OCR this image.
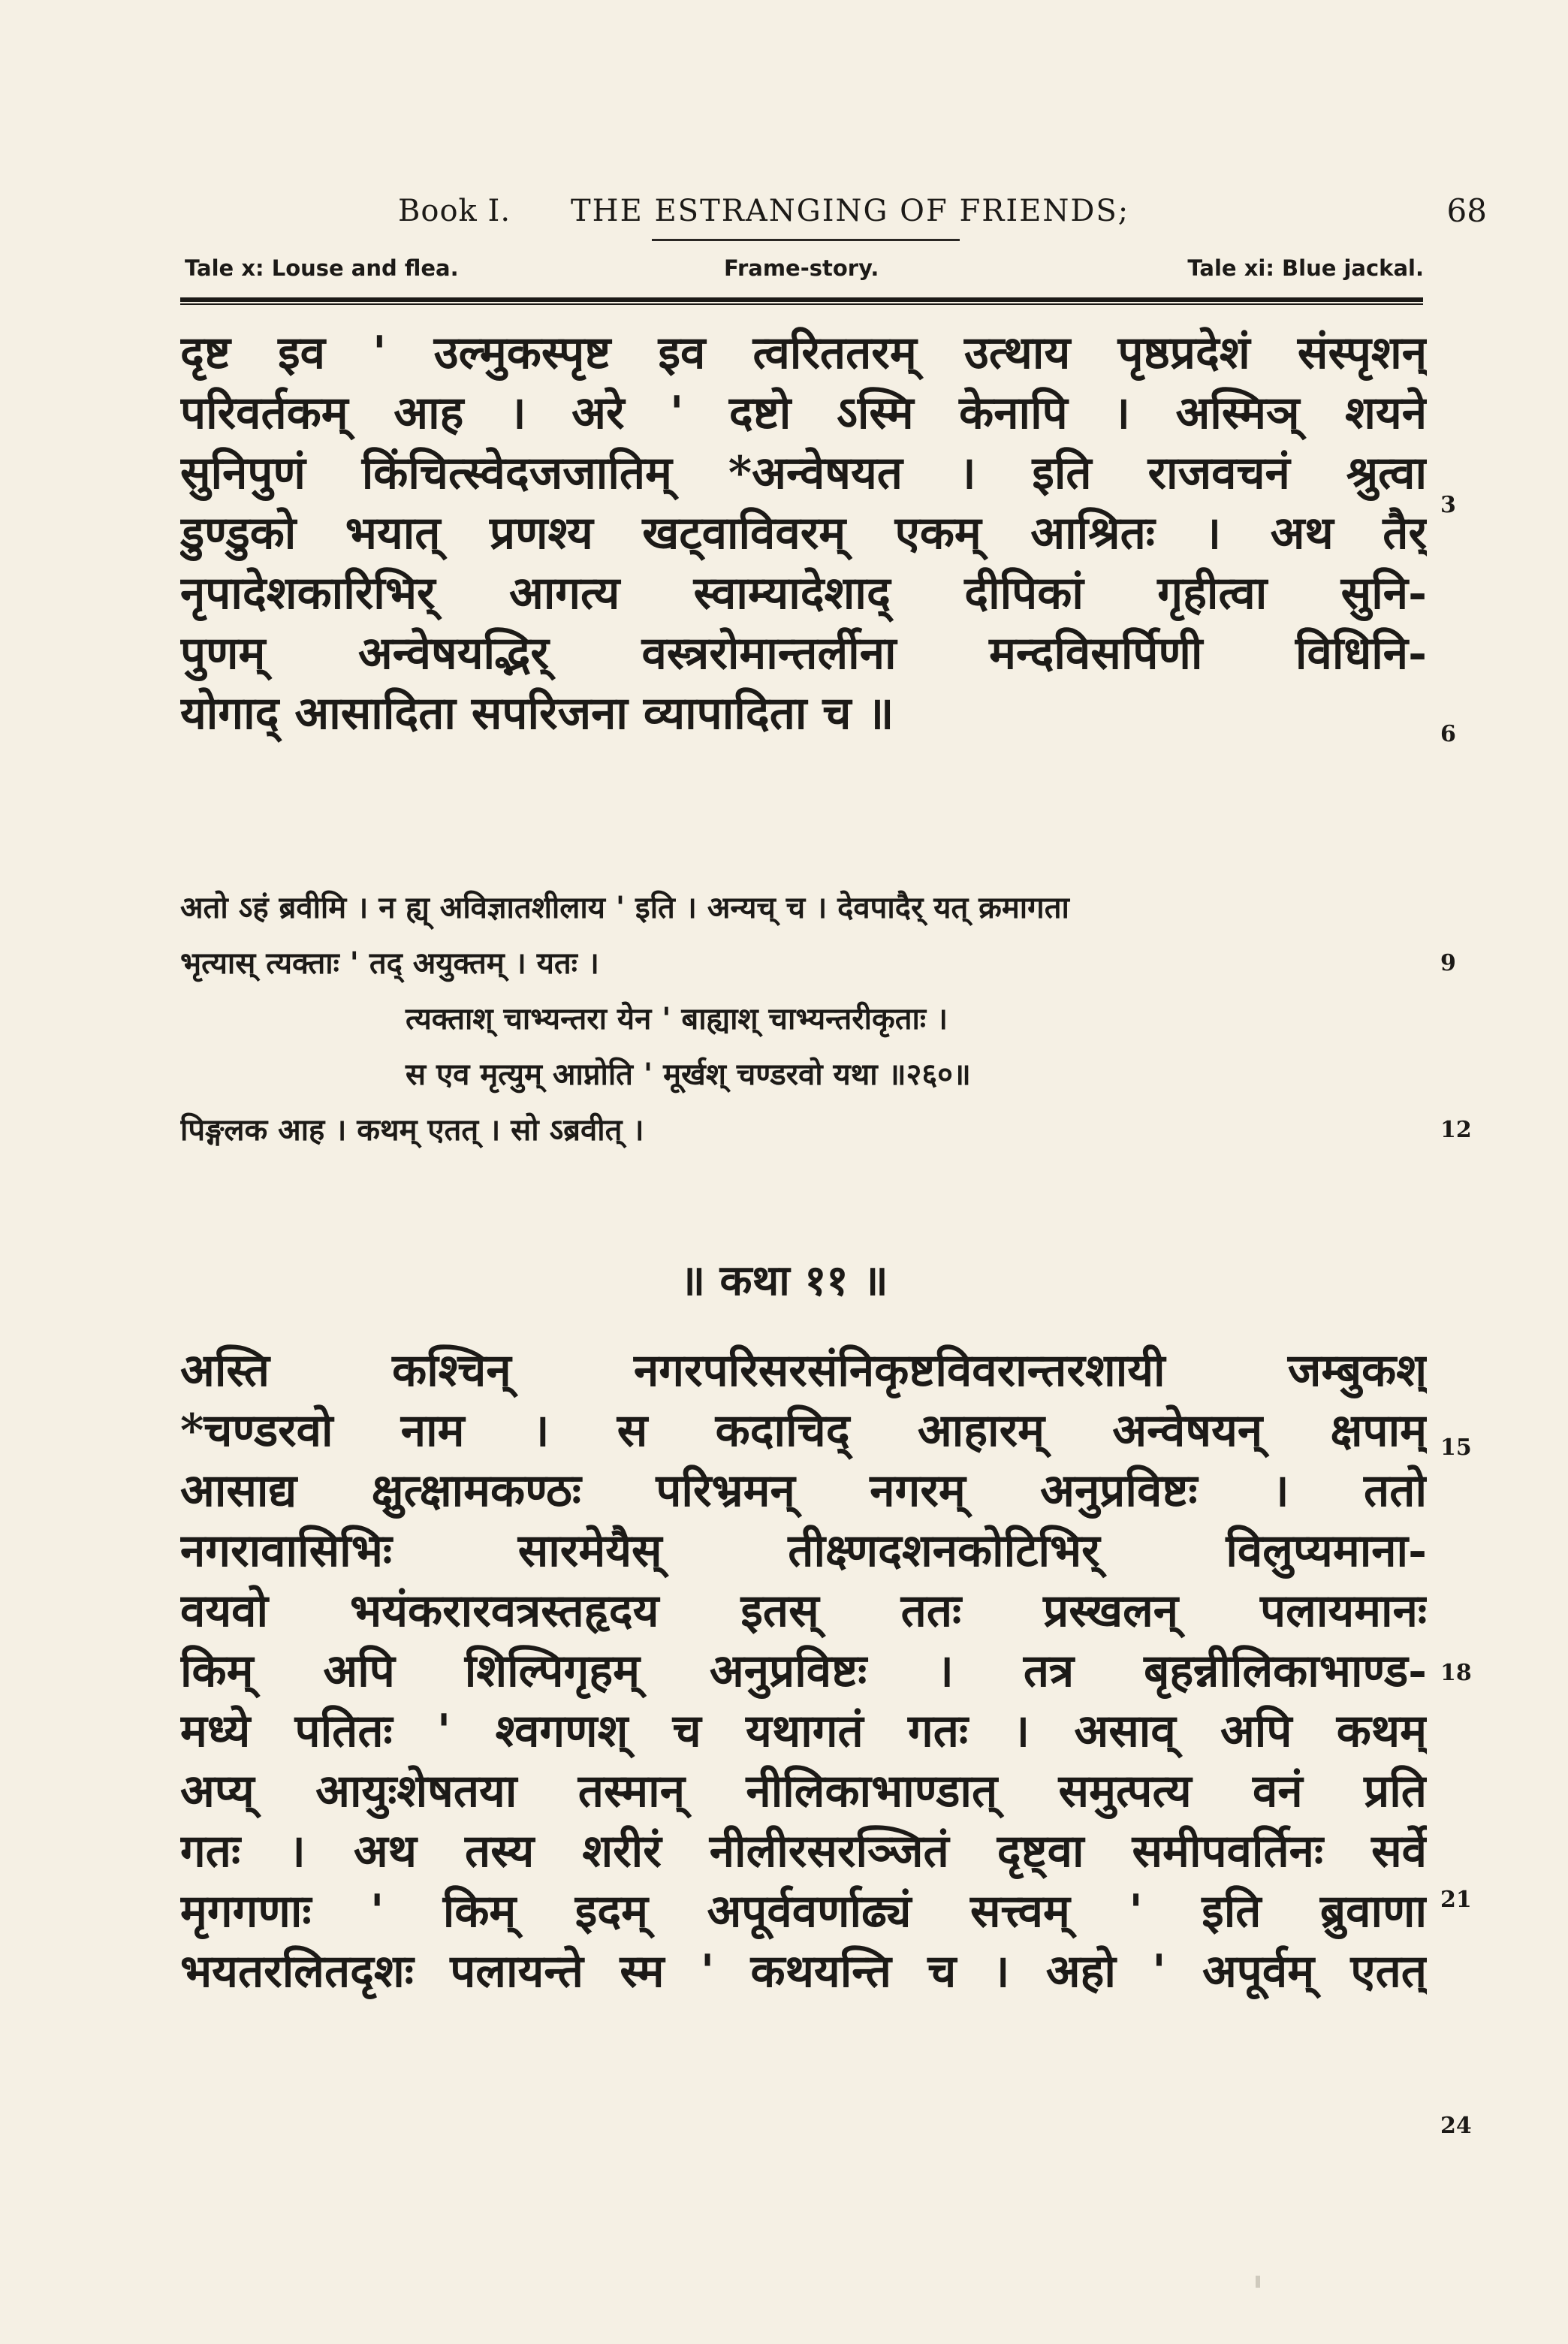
Book I. THE ESTRANGING OF FRIENDS;	68
Tale x: Louse and flea.	Frame-story.	Tale xi: Blue jackal.
दृष्ट इव ' उल्मुकस्पृष्ट इव त्वरिततरम् उत्थाय पृष्ठप्रदेशं संस्पृशन्
परिवर्तकम् आह । अरे ' दष्टो ऽस्मि केनापि । अस्मिञ् शयने
सुनिपुणं किंचित्स्वेदजजातिम् *अन्वेषयत । इति राजवचनं श्रुत्वा
डुण्डुको भयात् प्रणश्य खट्वाविवरम् एकम् आश्रितः । अथ तैर्
नृपादेशकारिभिर् आगत्य स्वाम्यादेशाद् दीपिकां गृहीत्वा सुनि-
पुणम् अन्वेषयद्भिर् वस्त्ररोमान्तर्लीना मन्दविसर्पिणी विधिनि-
योगाद् आसादिता सपरिजना व्यापादिता च ॥
3
6
अतो ऽहं ब्रवीमि । न ह्य् अविज्ञातशीलाय ' इति । अन्यच् च । देवपादैर् यत् क्रमागता
भृत्यास् त्यक्ताः ' तद् अयुक्तम् । यतः ।
त्यक्ताश् चाभ्यन्तरा येन ' बाह्याश् चाभ्यन्तरीकृताः ।
स एव मृत्युम् आप्नोति ' मूर्खश् चण्डरवो यथा ॥२६०॥
पिङ्गलक आह । कथम् एतत् । सो ऽब्रवीत् ।
9
12
॥ कथा ११ ॥
अस्ति कश्चिन् नगरपरिसरसंनिकृष्टविवरान्तरशायी जम्बुकश्
*चण्डरवो नाम । स कदाचिद् आहारम् अन्वेषयन् क्षपाम्
आसाद्य क्षुत्क्षामकण्ठः परिभ्रमन् नगरम् अनुप्रविष्टः । ततो
नगरावासिभिः सारमेयैस् तीक्ष्णदशनकोटिभिर् विलुप्यमाना-
वयवो भयंकरारवत्रस्तहृदय इतस् ततः प्रस्खलन् पलायमानः
किम् अपि शिल्पिगृहम् अनुप्रविष्टः । तत्र बृहन्नीलिकाभाण्ड-
मध्ये पतितः ' श्वगणश् च यथागतं गतः । असाव् अपि कथम्
अप्य् आयुःशेषतया तस्मान् नीलिकाभाण्डात् समुत्पत्य वनं प्रति
गतः । अथ तस्य शरीरं नीलीरसरञ्जितं दृष्ट्वा समीपवर्तिनः सर्वे
मृगगणाः ' किम् इदम् अपूर्ववर्णाढ्यं सत्त्वम् ' इति ब्रुवाणा
भयतरलितदृशः पलायन्ते स्म ' कथयन्ति च । अहो ' अपूर्वम् एतत्
15
18
21
24
